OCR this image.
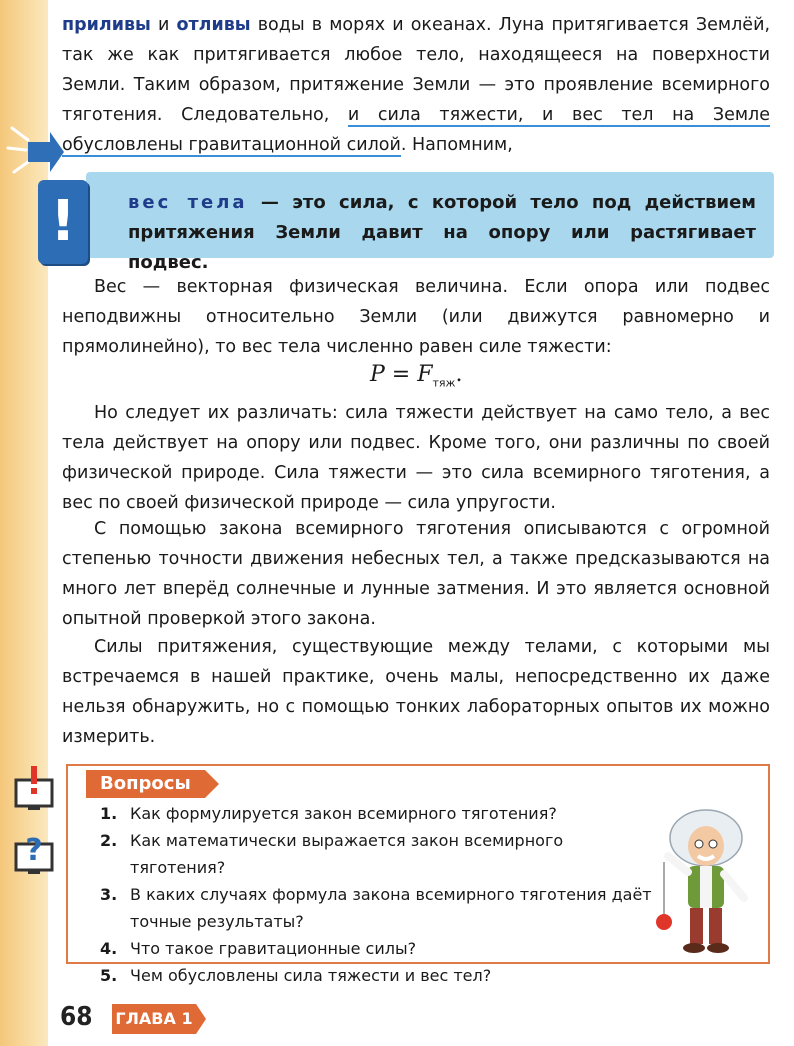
приливы и отливы воды в морях и океанах. Луна притягивается Землёй, так же как притягивается любое тело, находящееся на поверхности Земли. Таким образом, притяжение Земли — это проявление всемирного тяготения. Следовательно, и сила тяжести, и вес тел на Земле обусловлены гравитационной силой. Напомним,
!	вес тела — это сила, с которой тело под действием притяжения Земли давит на опору или растягивает подвес.
Вес — векторная физическая величина. Если опора или подвес неподвижны относительно Земли (или движутся равномерно и прямолинейно), то вес тела численно равен силе тяжести:
$P = F_{тяж}$.
Но следует их различать: сила тяжести действует на само тело, а вес тела действует на опору или подвес. Кроме того, они различны по своей физической природе. Сила тяжести — это сила всемирного тяготения, а вес по своей физической природе — сила упругости.
С помощью закона всемирного тяготения описываются с огромной степенью точности движения небесных тел, а также предсказываются на много лет вперёд солнечные и лунные затмения. И это является основной опытной проверкой этого закона.
Силы притяжения, существующие между телами, с которыми мы встречаемся в нашей практике, очень малы, непосредственно их даже нельзя обнаружить, но с помощью тонких лабораторных опытов их можно измерить.
?
Вопросы
1. Как формулируется закон всемирного тяготения?
2. Как математически выражается закон всемирного тяготения?
3. В каких случаях формула закона всемирного тяготения даёт точные результаты?
4. Что такое гравитационные силы?
5. Чем обусловлены сила тяжести и вес тел?
68 ГЛАВА 1
